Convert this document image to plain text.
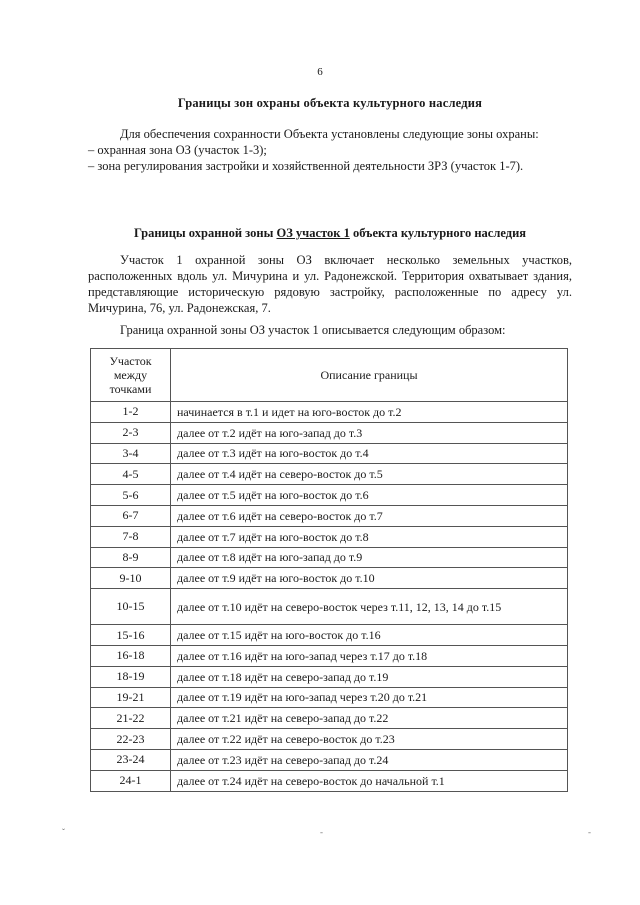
6
Границы зон охраны объекта культурного наследия
Для обеспечения сохранности Объекта установлены следующие зоны охраны:
– охранная зона ОЗ (участок 1-3);
– зона регулирования застройки и хозяйственной деятельности ЗРЗ (участок 1-7).
Границы охранной зоны ОЗ участок 1 объекта культурного наследия
Участок 1 охранной зоны ОЗ включает несколько земельных участков, расположенных вдоль ул. Мичурина и ул. Радонежской. Территория охватывает здания, представляющие историческую рядовую застройку, расположенные по адресу ул. Мичурина, 76, ул. Радонежская, 7.
Граница охранной зоны ОЗ участок 1 описывается следующим образом:
Участок между точками	Описание границы
1-2	начинается в т.1 и идет на юго-восток до т.2
2-3	далее от т.2 идёт на юго-запад до т.3
3-4	далее от т.3 идёт на юго-восток до т.4
4-5	далее от т.4 идёт на северо-восток до т.5
5-6	далее от т.5 идёт на юго-восток до т.6
6-7	далее от т.6 идёт на северо-восток до т.7
7-8	далее от т.7 идёт на юго-восток до т.8
8-9	далее от т.8 идёт на юго-запад до т.9
9-10	далее от т.9 идёт на юго-восток до т.10
10-15	далее от т.10 идёт на северо-восток через т.11, 12, 13, 14 до т.15
15-16	далее от т.15 идёт на юго-восток до т.16
16-18	далее от т.16 идёт на юго-запад через т.17 до т.18
18-19	далее от т.18 идёт на северо-запад до т.19
19-21	далее от т.19 идёт на юго-запад через т.20 до т.21
21-22	далее от т.21 идёт на северо-запад до т.22
22-23	далее от т.22 идёт на северо-восток до т.23
23-24	далее от т.23 идёт на северо-запад до т.24
24-1	далее от т.24 идёт на северо-восток до начальной т.1
ˇ	-	-
